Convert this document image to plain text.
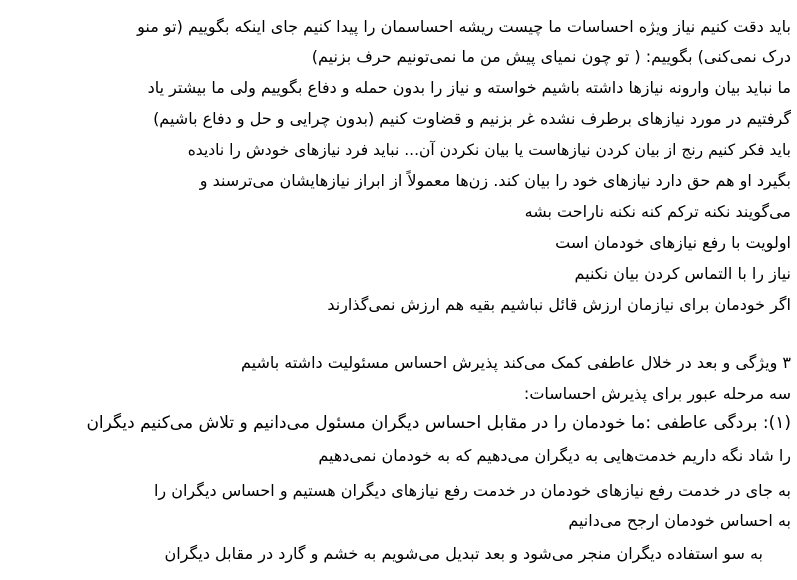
باید دقت کنیم نیاز ویژه احساسات ما چیست ریشه احساسمان را پیدا کنیم جای اینکه بگوییم (تو منو
درک نمی‌کنی) بگوییم: ( تو چون نمیای پیش من ما نمی‌تونیم حرف بزنیم)
ما نباید بیان وارونه نیازها داشته باشیم خواسته و نیاز را بدون حمله و دفاع بگوییم ولی ما بیشتر یاد
گرفتیم در مورد نیازهای برطرف نشده غر بزنیم و قضاوت کنیم (بدون چرایی و حل و دفاع باشیم)
باید فکر کنیم رنج از بیان کردن نیازهاست یا بیان نکردن آن... نباید فرد نیازهای خودش را نادیده
بگیرد او هم حق دارد نیازهای خود را بیان کند. زن‌ها معمولاً از ابراز نیازهایشان می‌ترسند و
می‌گویند نکنه ترکم کنه نکنه ناراحت بشه
اولویت با رفع نیازهای خودمان است
نیاز را با التماس کردن بیان نکنیم
اگر خودمان برای نیازمان ارزش قائل نباشیم بقیه هم ارزش نمی‌گذارند
۳ ویژگی و بعد در خلال عاطفی کمک می‌کند پذیرش احساس مسئولیت داشته باشیم
سه مرحله عبور برای پذیرش احساسات:
(۱): بردگی عاطفی :ما خودمان را در مقابل احساس دیگران مسئول می‌دانیم و تلاش می‌کنیم دیگران
را شاد نگه داریم خدمت‌هایی به دیگران می‌دهیم که به خودمان نمی‌دهیم
به جای در خدمت رفع نیازهای خودمان در خدمت رفع نیازهای دیگران هستیم و احساس دیگران را
به احساس خودمان ارجح می‌دانیم
به سو استفاده دیگران منجر می‌شود و بعد تبدیل می‌شویم به خشم و گارد در مقابل دیگران
